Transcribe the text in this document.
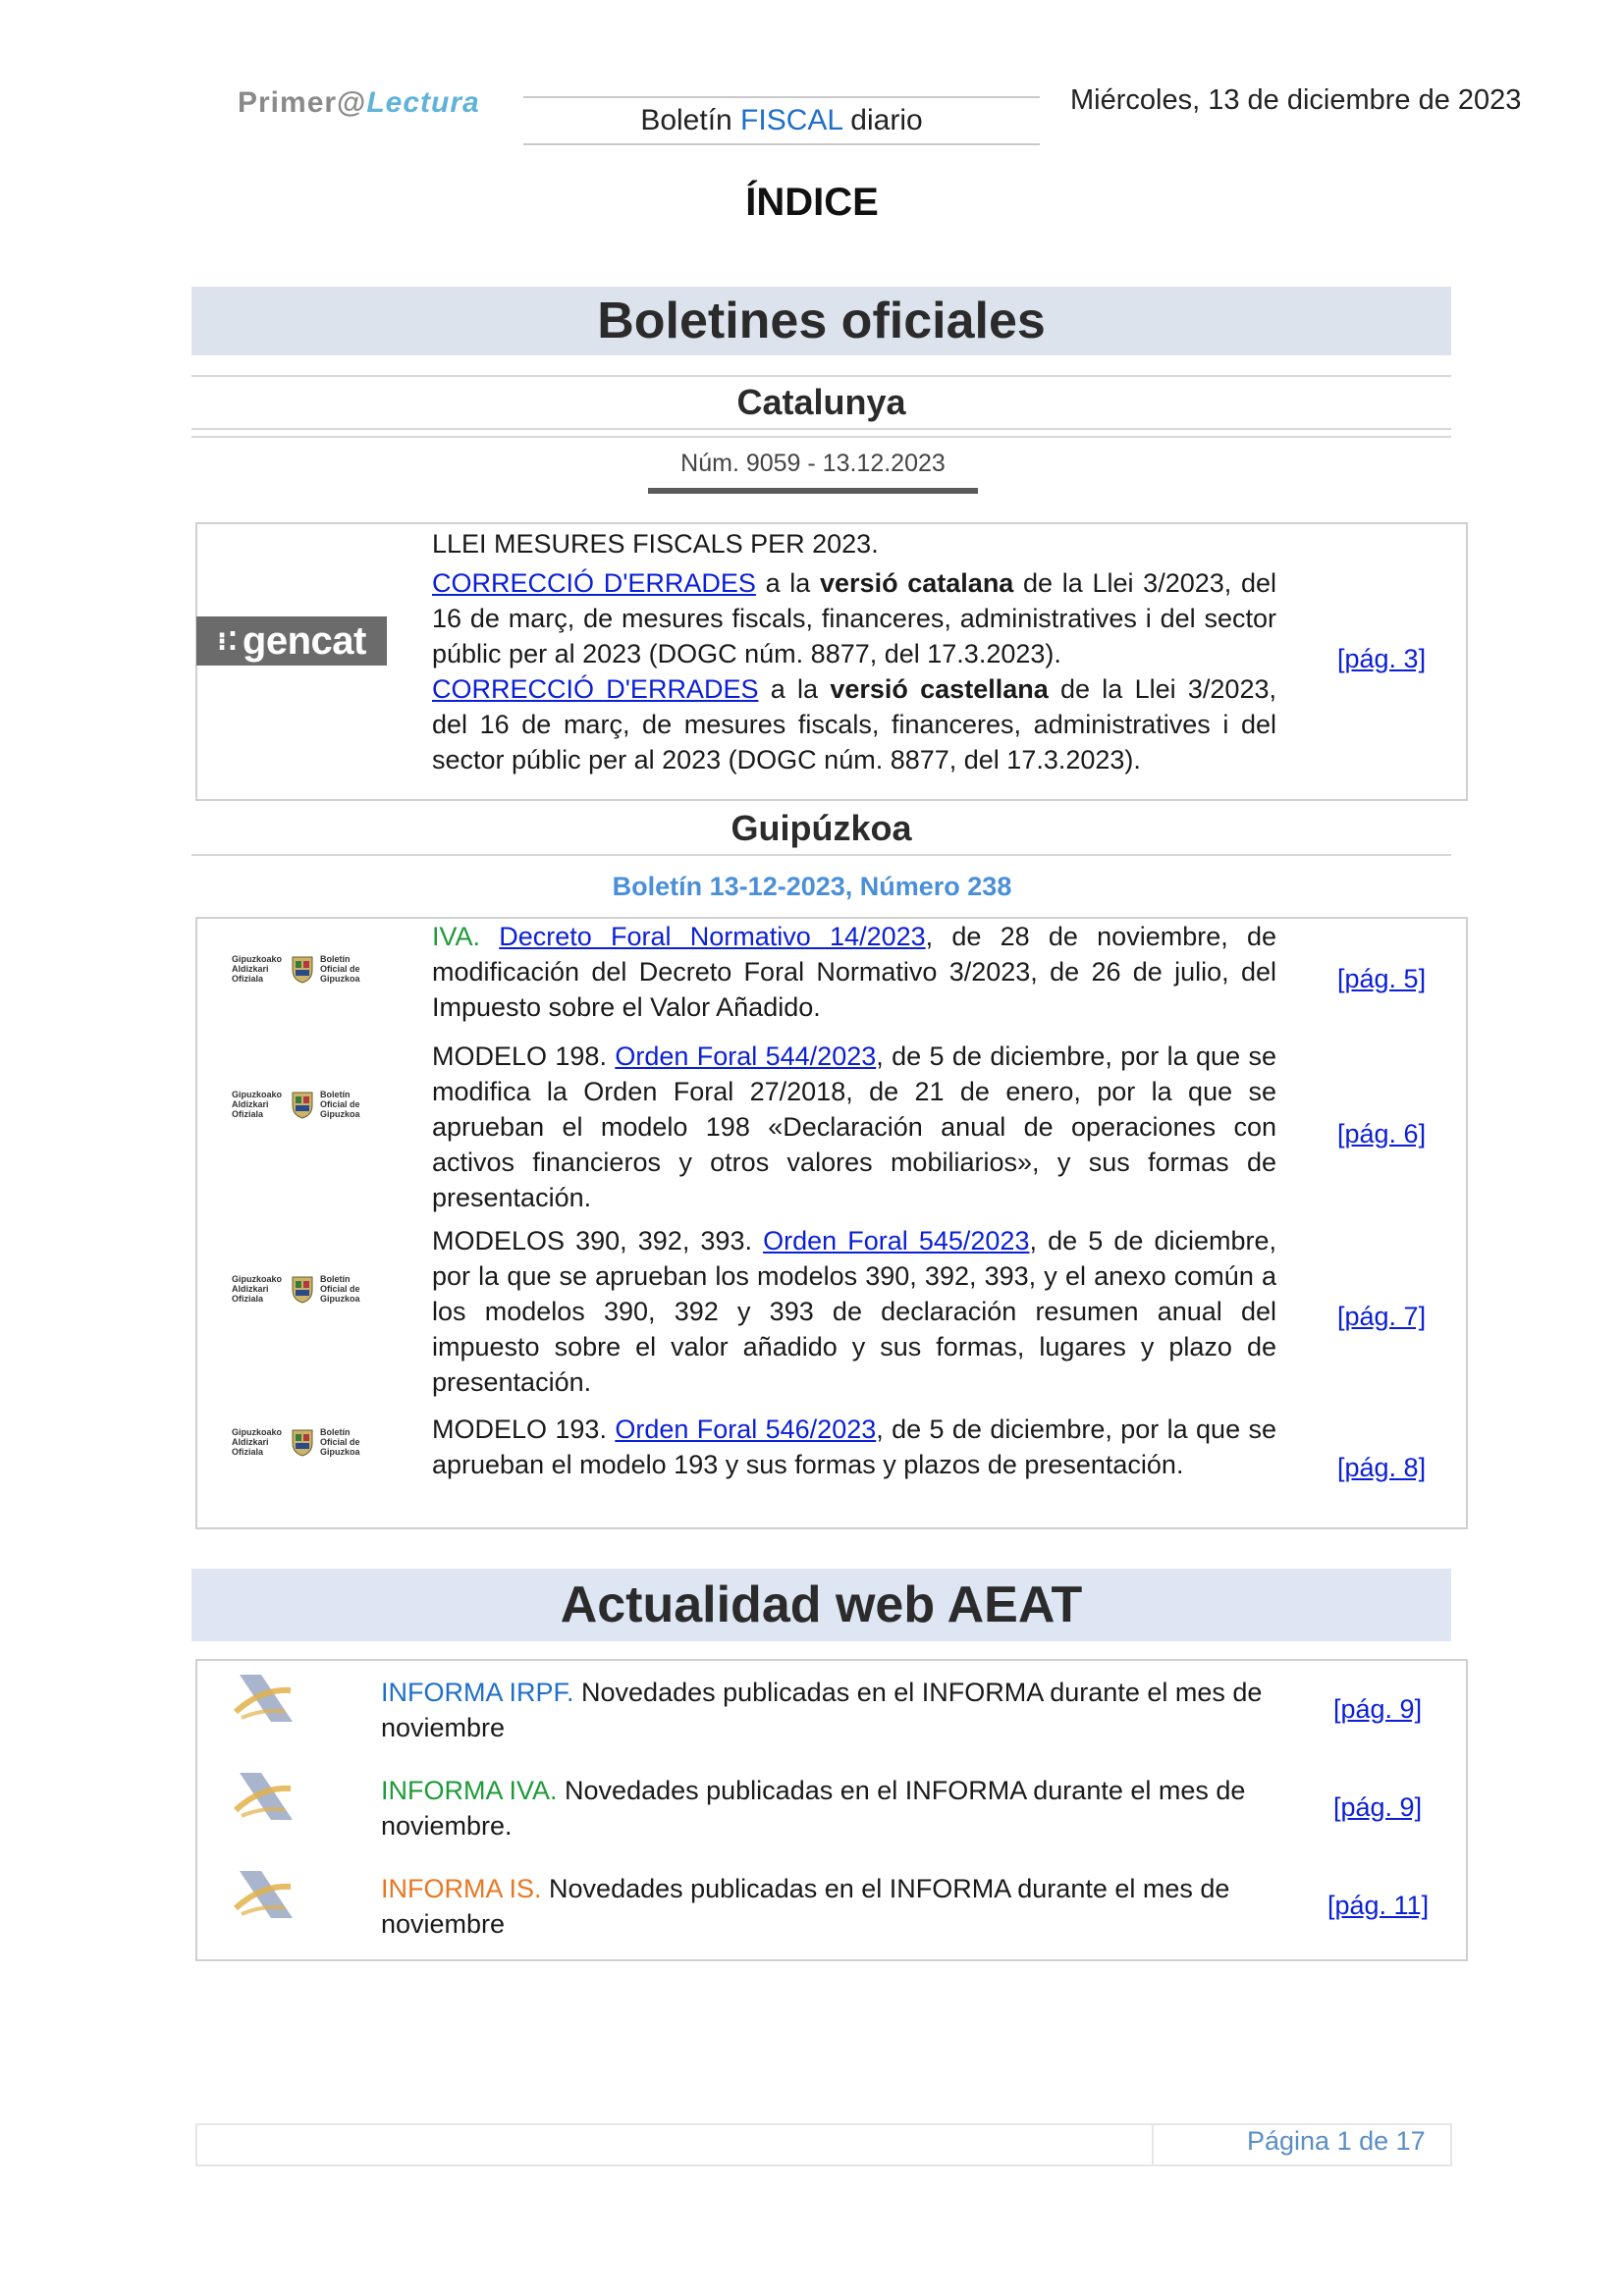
Primer@Lectura
Boletín FISCAL diario
Miércoles, 13 de diciembre de 2023
ÍNDICE
Boletines oficiales
Catalunya
Núm. 9059 - 13.12.2023
⁝⁚ gencat
LLEI MESURES FISCALS PER 2023.
CORRECCIÓ D'ERRADES a la versió catalana de la Llei 3/2023, del 16 de març, de mesures fiscals, financeres, administratives i del sector públic per al 2023 (DOGC núm. 8877, del 17.3.2023).
CORRECCIÓ D'ERRADES a la versió castellana de la Llei 3/2023, del 16 de març, de mesures fiscals, financeres, administratives i del sector públic per al 2023 (DOGC núm. 8877, del 17.3.2023).
[pág. 3]
Guipúzkoa
Boletín 13-12-2023, Número 238
Gipuzkoako
Aldizkari
Ofiziala
Boletín
Oficial de
Gipuzkoa
IVA. Decreto Foral Normativo 14/2023, de 28 de noviembre, de modificación del Decreto Foral Normativo 3/2023, de 26 de julio, del Impuesto sobre el Valor Añadido.
[pág. 5]
Gipuzkoako
Aldizkari
Ofiziala
Boletín
Oficial de
Gipuzkoa
MODELO 198. Orden Foral 544/2023, de 5 de diciembre, por la que se modifica la Orden Foral 27/2018, de 21 de enero, por la que se aprueban el modelo 198 «Declaración anual de operaciones con activos financieros y otros valores mobiliarios», y sus formas de presentación.
[pág. 6]
Gipuzkoako
Aldizkari
Ofiziala
Boletín
Oficial de
Gipuzkoa
MODELOS 390, 392, 393. Orden Foral 545/2023, de 5 de diciembre, por la que se aprueban los modelos 390, 392, 393, y el anexo común a los modelos 390, 392 y 393 de declaración resumen anual del impuesto sobre el valor añadido y sus formas, lugares y plazo de presentación.
[pág. 7]
Gipuzkoako
Aldizkari
Ofiziala
Boletín
Oficial de
Gipuzkoa
MODELO 193. Orden Foral 546/2023, de 5 de diciembre, por la que se aprueban el modelo 193 y sus formas y plazos de presentación.	[pág. 8]
Actualidad web AEAT
INFORMA IRPF. Novedades publicadas en el INFORMA durante el mes de noviembre
[pág. 9]
INFORMA IVA. Novedades publicadas en el INFORMA durante el mes de noviembre.
[pág. 9]
INFORMA IS. Novedades publicadas en el INFORMA durante el mes de noviembre
[pág. 11]
Página 1 de 17
